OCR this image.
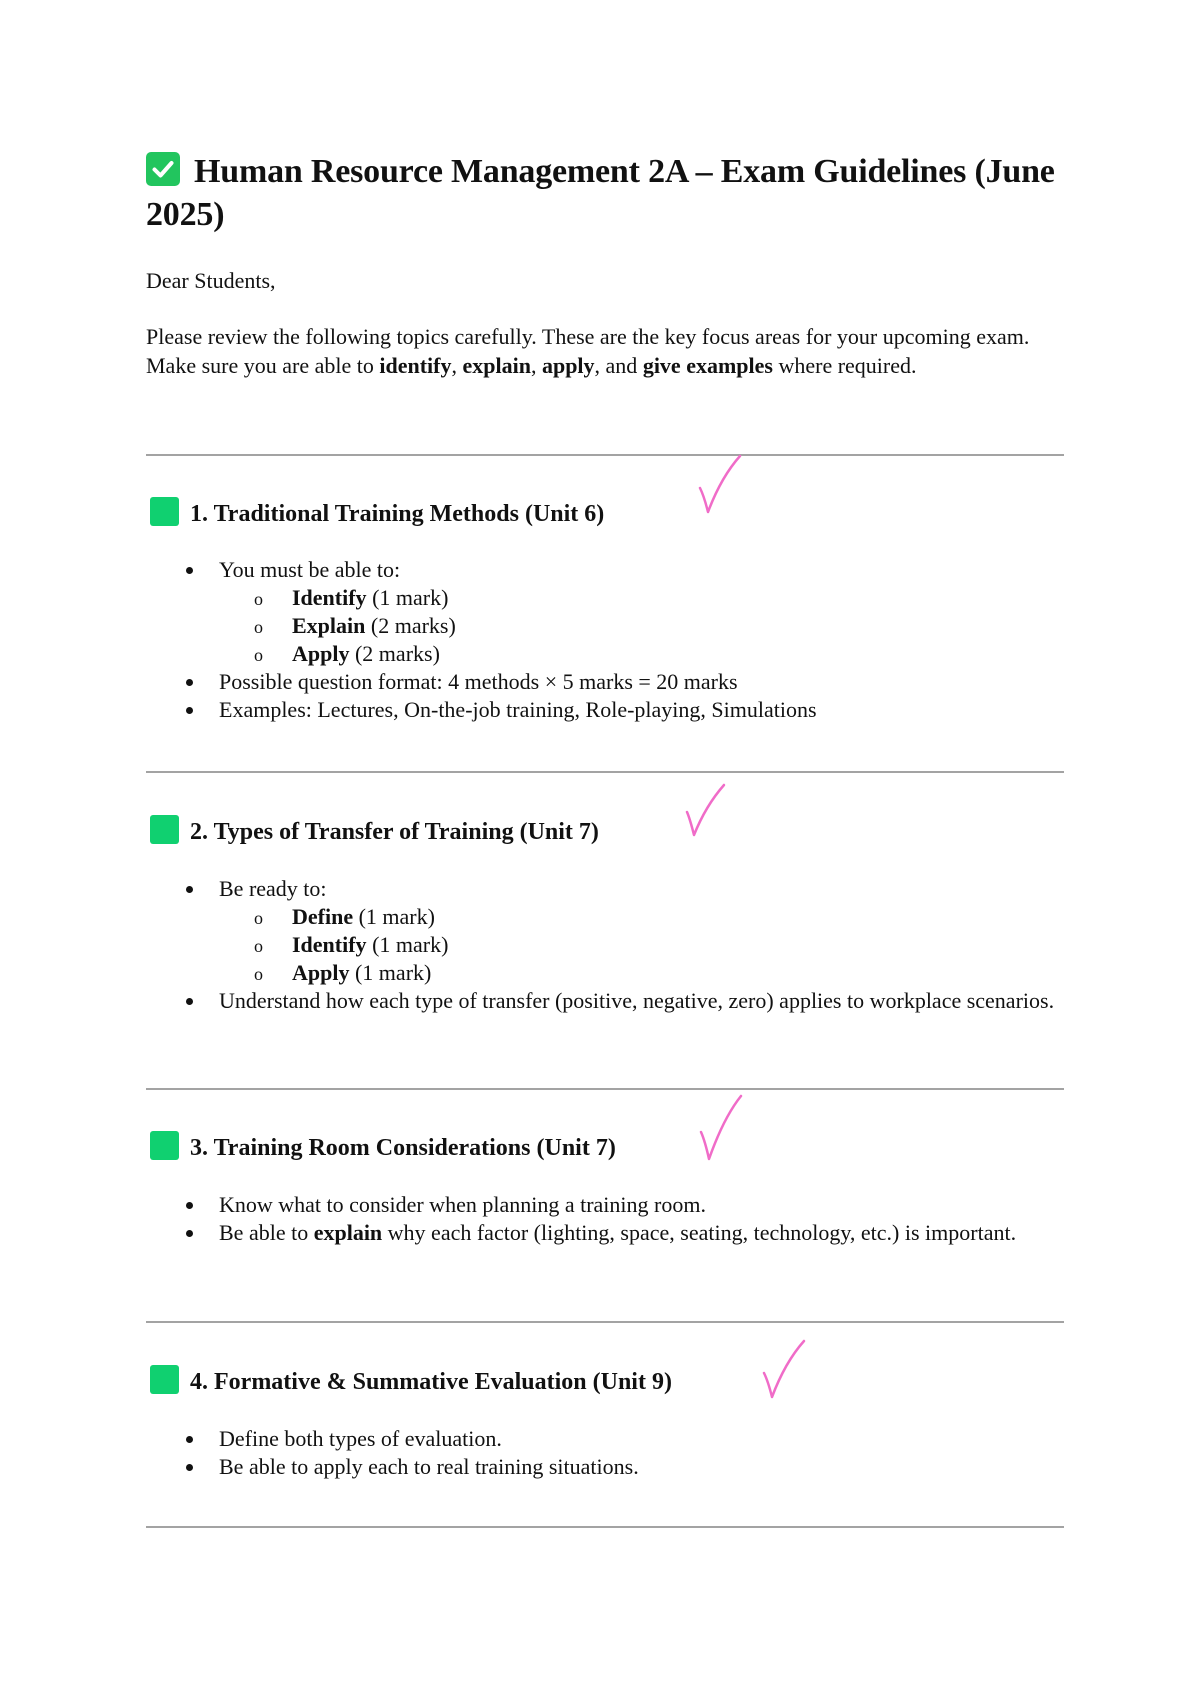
Human Resource Management 2A – Exam Guidelines (June 2025)

Dear Students,

Please review the following topics carefully. These are the key focus areas for your upcoming exam. Make sure you are able to identify, explain, apply, and give examples where required.

1. Traditional Training Methods (Unit 6)
You must be able to:
o Identify (1 mark)
o Explain (2 marks)
o Apply (2 marks)
Possible question format: 4 methods × 5 marks = 20 marks
Examples: Lectures, On-the-job training, Role-playing, Simulations
2. Types of Transfer of Training (Unit 7)
Be ready to:
o Define (1 mark)
o Identify (1 mark)
o Apply (1 mark)
Understand how each type of transfer (positive, negative, zero) applies to workplace scenarios.
3. Training Room Considerations (Unit 7)
Know what to consider when planning a training room.
Be able to explain why each factor (lighting, space, seating, technology, etc.) is important.
4. Formative & Summative Evaluation (Unit 9)
Define both types of evaluation.
Be able to apply each to real training situations.
